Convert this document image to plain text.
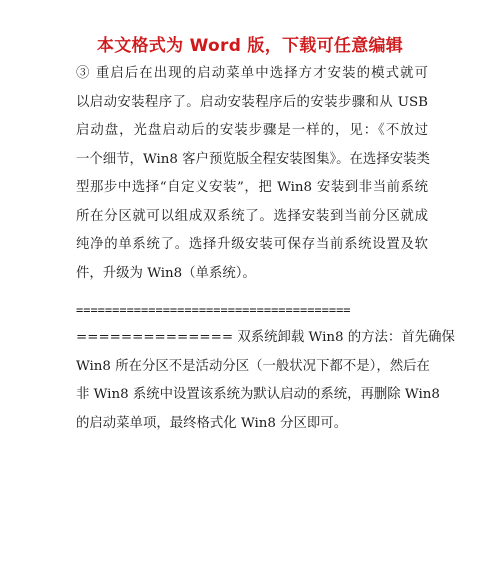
本文格式为 Word 版，下载可任意编辑
③ 重启后在出现的启动菜单中选择方才安装的模式就可
以启动安装程序了。启动安装程序后的安装步骤和从 USB
启动盘，光盘启动后的安装步骤是一样的，见：《不放过
一个细节，Win8 客户预览版全程安装图集》。在选择安装类
型那步中选择“自定义安装”，把 Win8 安装到非当前系统
所在分区就可以组成双系统了。选择安装到当前分区就成
纯净的单系统了。选择升级安装可保存当前系统设置及软
件，升级为 Win8（单系统）。
======================================
============== 双系统卸载 Win8 的方法：首先确保
Win8 所在分区不是活动分区（一般状况下都不是），然后在
非 Win8 系统中设置该系统为默认启动的系统，再删除 Win8
的启动菜单项，最终格式化 Win8 分区即可。
